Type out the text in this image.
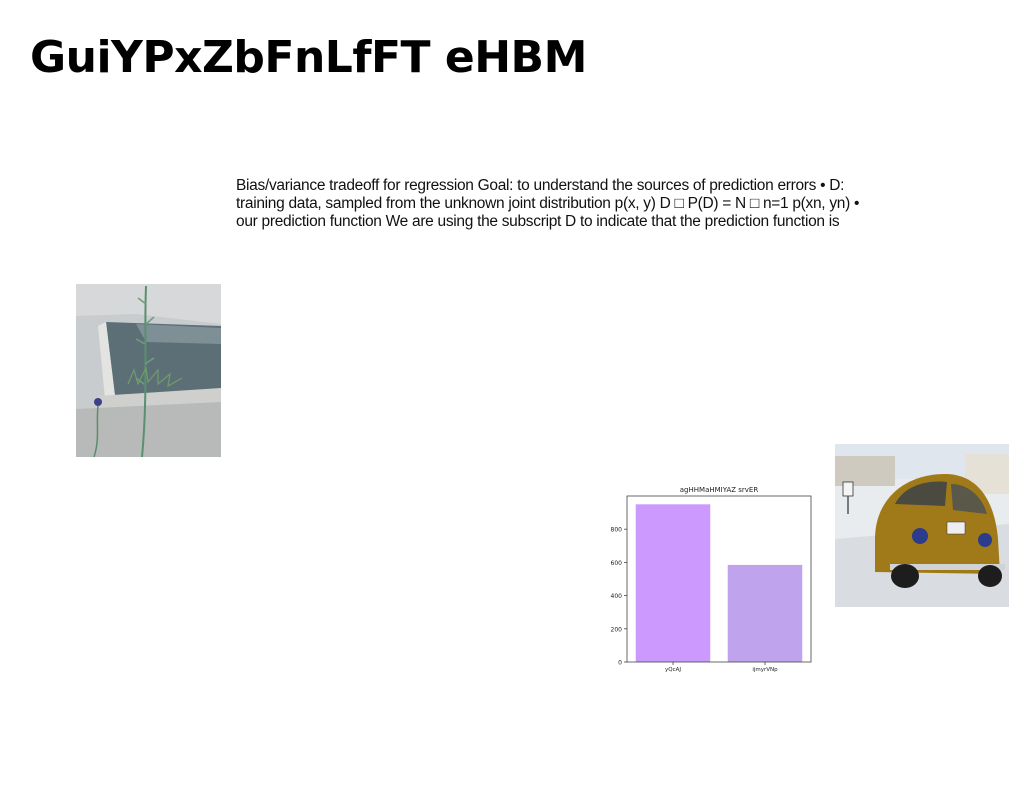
GuiYPxZbFnLfFT eHBM
Bias/variance tradeoff for regression Goal: to understand the sources of prediction errors • D:
training data, sampled from the unknown joint distribution p(x, y) D □ P(D) = N □ n=1 p(xn, yn) •
our prediction function We are using the subscript D to indicate that the prediction function is
agHHMaHMIYAZ srvER
0
200
400
600
800
yQcAJ	ijmyrVNp
